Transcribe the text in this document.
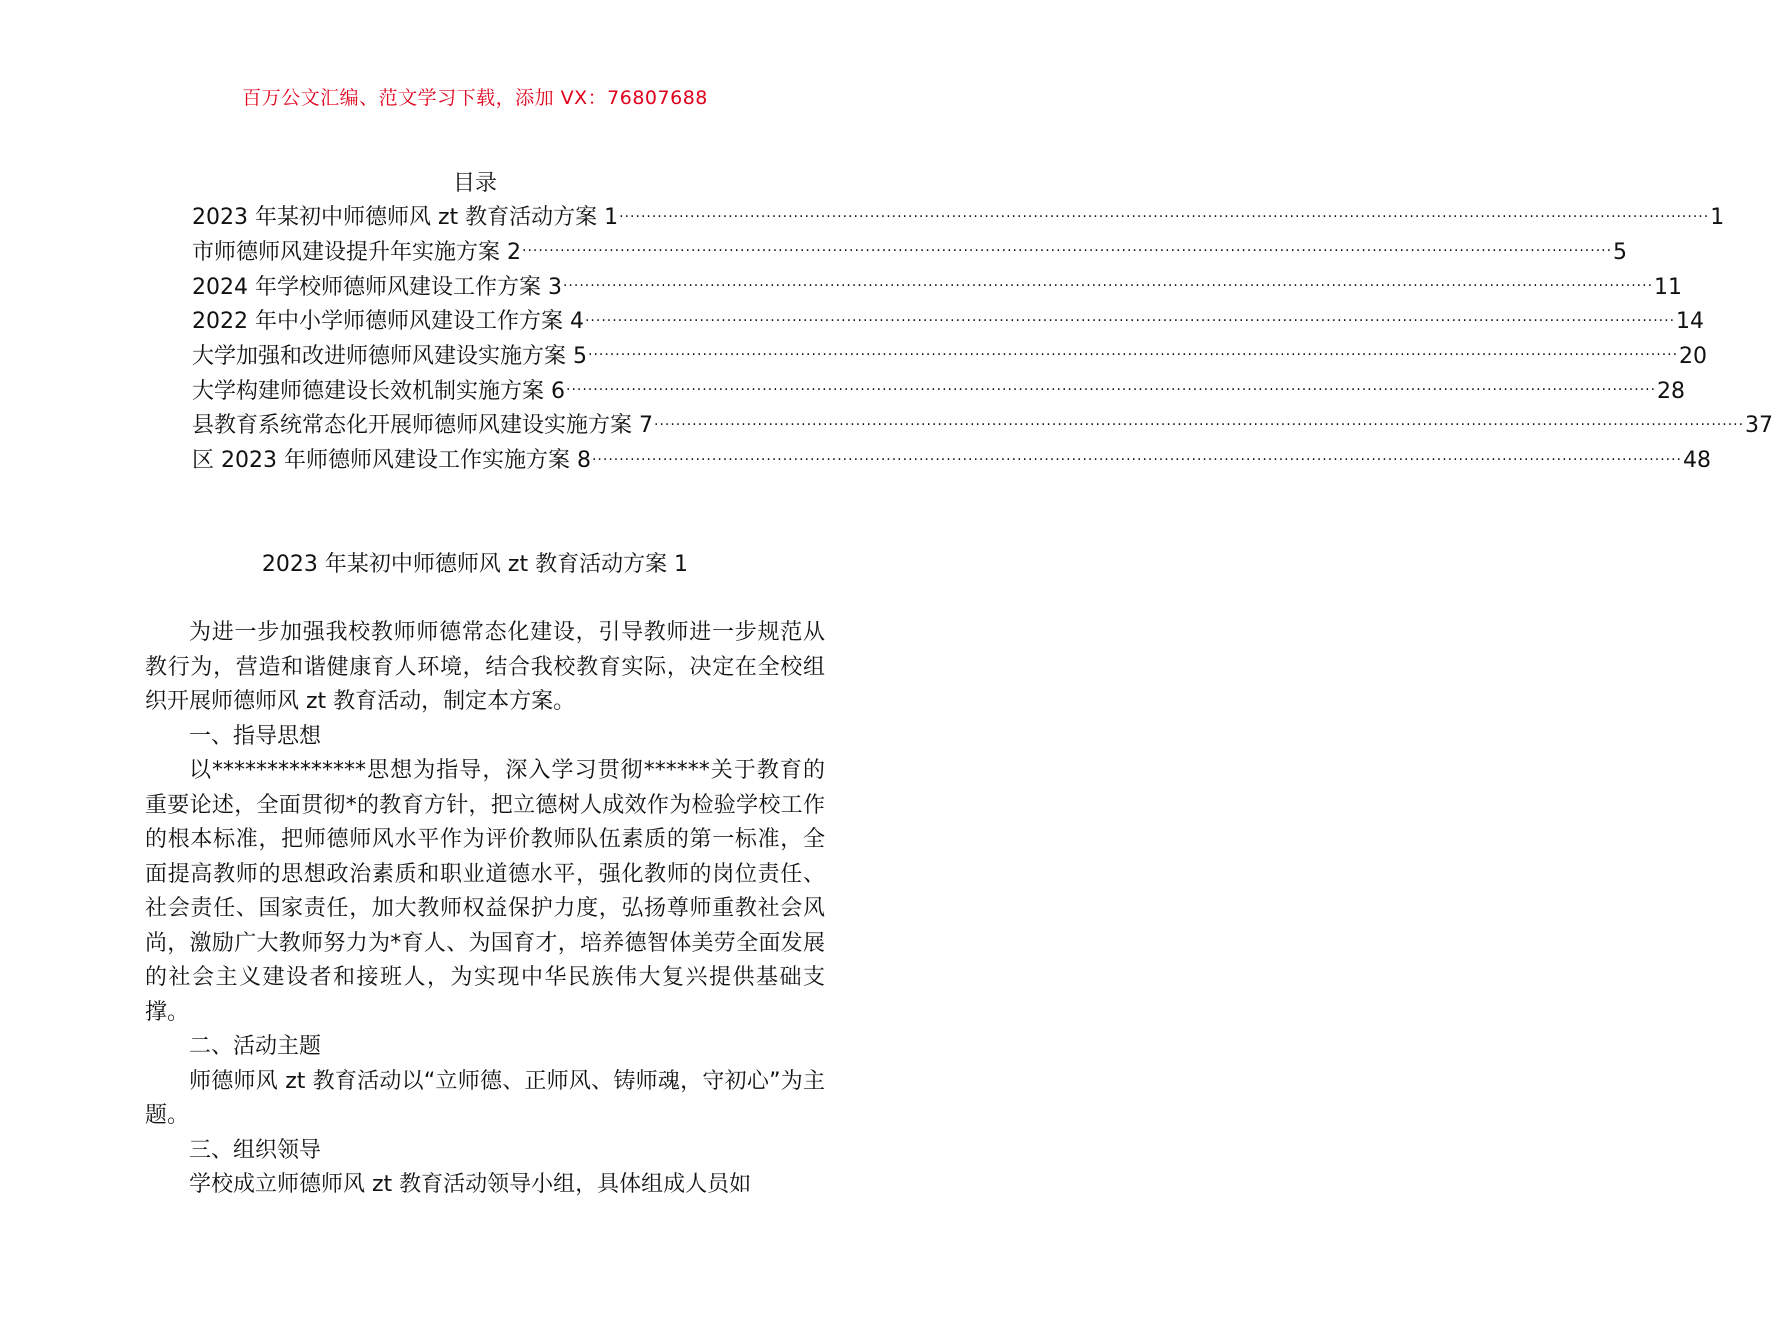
百万公文汇编、范文学习下载，添加 VX：76807688
目录
2023 年某初中师德师风 zt 教育活动方案 1 ........................................................................................................................................................................................................ 1
市师德师风建设提升年实施方案 2 ........................................................................................................................................................................................................ 5
2024 年学校师德师风建设工作方案 3 ........................................................................................................................................................................................................ 11
2022 年中小学师德师风建设工作方案 4 ........................................................................................................................................................................................................ 14
大学加强和改进师德师风建设实施方案 5 ........................................................................................................................................................................................................ 20
大学构建师德建设长效机制实施方案 6 ........................................................................................................................................................................................................ 28
县教育系统常态化开展师德师风建设实施方案 7 ........................................................................................................................................................................................................ 37
区 2023 年师德师风建设工作实施方案 8 ........................................................................................................................................................................................................ 48
2023 年某初中师德师风 zt 教育活动方案 1

为进一步加强我校教师师德常态化建设，引导教师进一步规范从教行为，营造和谐健康育人环境，结合我校教育实际，决定在全校组织开展师德师风 zt 教育活动，制定本方案。

一、指导思想

以**************思想为指导，深入学习贯彻******关于教育的重要论述，全面贯彻*的教育方针，把立德树人成效作为检验学校工作的根本标准，把师德师风水平作为评价教师队伍素质的第一标准，全面提高教师的思想政治素质和职业道德水平，强化教师的岗位责任、社会责任、国家责任，加大教师权益保护力度，弘扬尊师重教社会风尚，激励广大教师努力为*育人、为国育才，培养德智体美劳全面发展的社会主义建设者和接班人，为实现中华民族伟大复兴提供基础支撑。

二、活动主题

师德师风 zt 教育活动以“立师德、正师风、铸师魂，守初心”为主题。

三、组织领导

学校成立师德师风 zt 教育活动领导小组，具体组成人员如
